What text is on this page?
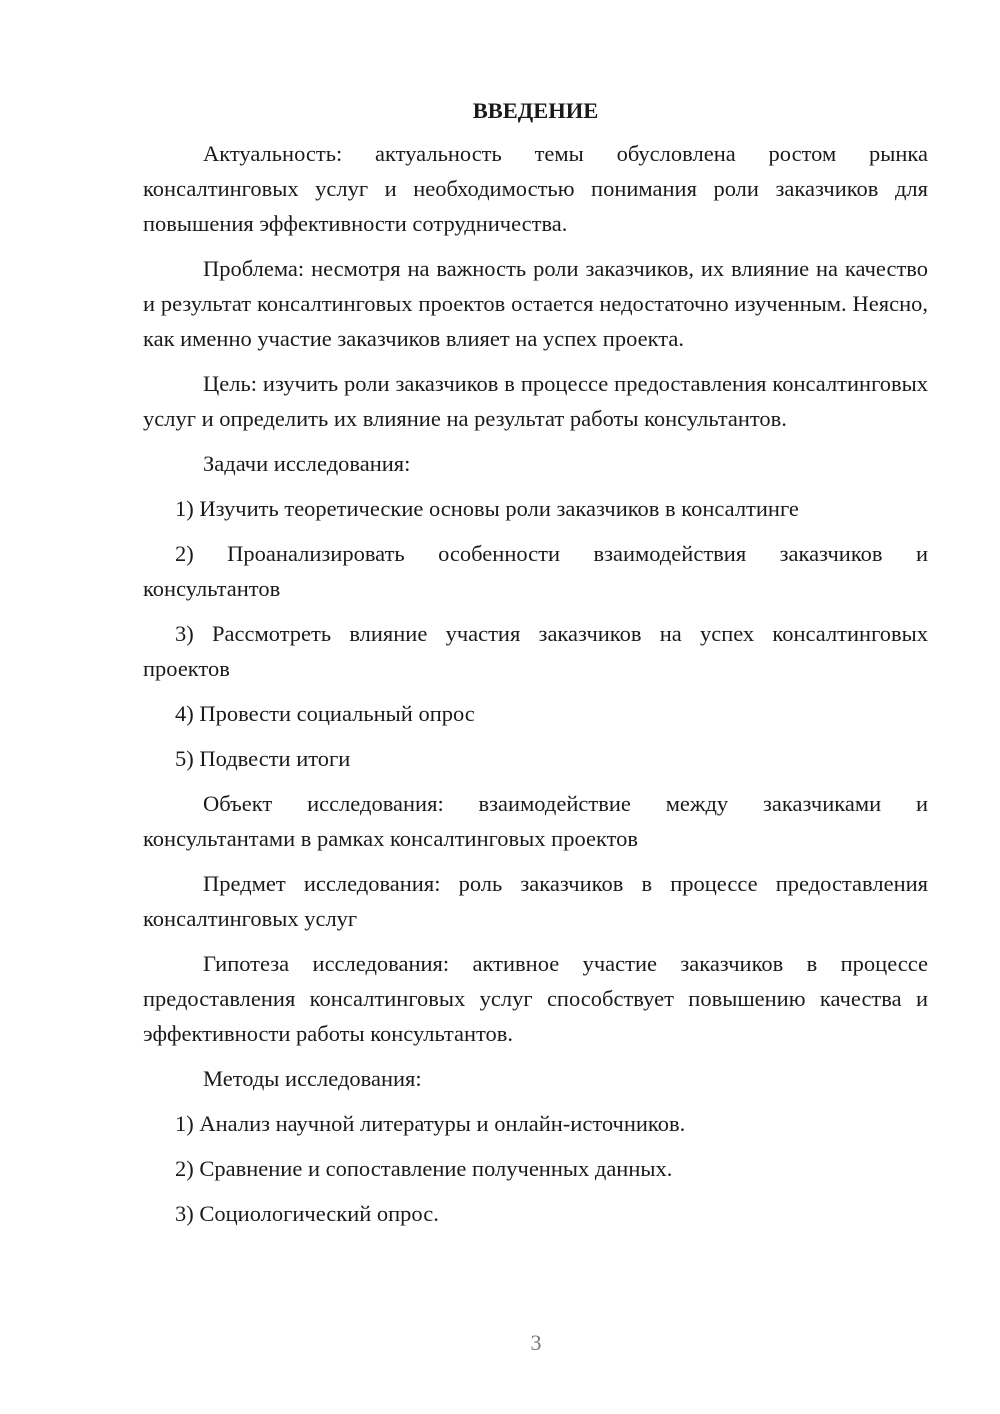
ВВЕДЕНИЕ

Актуальность: актуальность темы обусловлена ростом рынка консалтинговых услуг и необходимостью понимания роли заказчиков для повышения эффективности сотрудничества.

Проблема: несмотря на важность роли заказчиков, их влияние на качество и результат консалтинговых проектов остается недостаточно изученным. Неясно, как именно участие заказчиков влияет на успех проекта.

Цель: изучить роли заказчиков в процессе предоставления консалтинговых услуг и определить их влияние на результат работы консультантов.

Задачи исследования:

1) Изучить теоретические основы роли заказчиков в консалтинге

2) Проанализировать особенности взаимодействия заказчиков и консультантов

3) Рассмотреть влияние участия заказчиков на успех консалтинговых проектов

4) Провести социальный опрос

5) Подвести итоги

Объект исследования: взаимодействие между заказчиками и консультантами в рамках консалтинговых проектов

Предмет исследования: роль заказчиков в процессе предоставления консалтинговых услуг

Гипотеза исследования: активное участие заказчиков в процессе предоставления консалтинговых услуг способствует повышению качества и эффективности работы консультантов.

Методы исследования:

1) Анализ научной литературы и онлайн-источников.

2) Сравнение и сопоставление полученных данных.

3) Социологический опрос.

3
